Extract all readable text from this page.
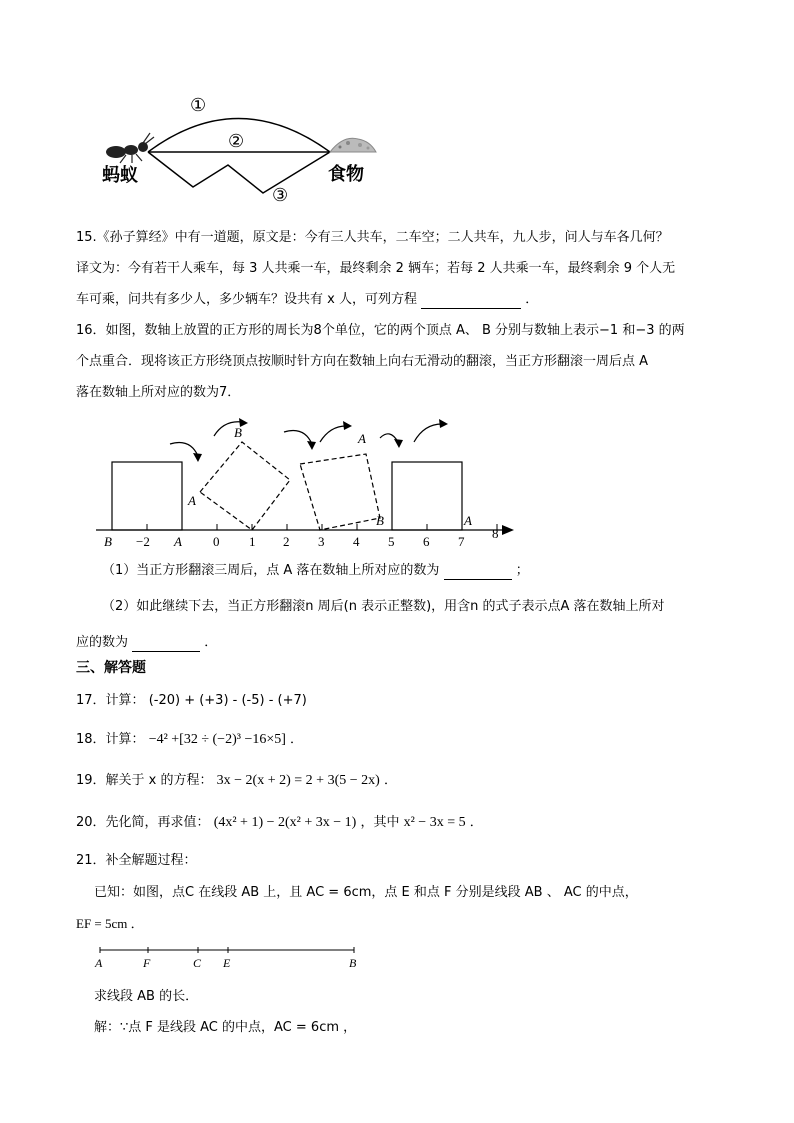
①
②
③
蚂蚁	食物
15.《孙子算经》中有一道题，原文是：今有三人共车，二车空；二人共车，九人步，问人与车各几何？
译文为：今有若干人乘车，每 3 人共乘一车，最终剩余 2 辆车；若每 2 人共乘一车，最终剩余 9 个人无
车可乘，问共有多少人，多少辆车？设共有 x 人，可列方程	．
16．如图，数轴上放置的正方形的周长为8个单位，它的两个顶点 A、 B 分别与数轴上表示−1 和−3 的两
个点重合．现将该正方形绕顶点按顺时针方向在数轴上向右无滑动的翻滚，当正方形翻滚一周后点 A
落在数轴上所对应的数为7．
B −2 A 0 1 2 3 4 5 6 7
8
A
B	A
B	A
（1）当正方形翻滚三周后，点 A 落在数轴上所对应的数为	；
（2）如此继续下去，当正方形翻滚n 周后(n 表示正整数)，用含n 的式子表示点A 落在数轴上所对
应的数为	．
三、解答题
17．计算： (-20) + (+3) - (-5) - (+7)
18．计算： −4² +[32 ÷ (−2)³ −16×5] ．
19．解关于 x 的方程： 3x − 2(x + 2) = 2 + 3(5 − 2x) ．
20．先化简，再求值： (4x² + 1) − 2(x² + 3x − 1) ，其中 x² − 3x = 5 ．
21．补全解题过程：
已知：如图，点C 在线段 AB 上，且 AC = 6cm，点 E 和点 F 分别是线段 AB 、 AC 的中点，
EF = 5cm ．
A	F	C E	B
求线段 AB 的长．
解：∵点 F 是线段 AC 的中点，AC = 6cm ，
